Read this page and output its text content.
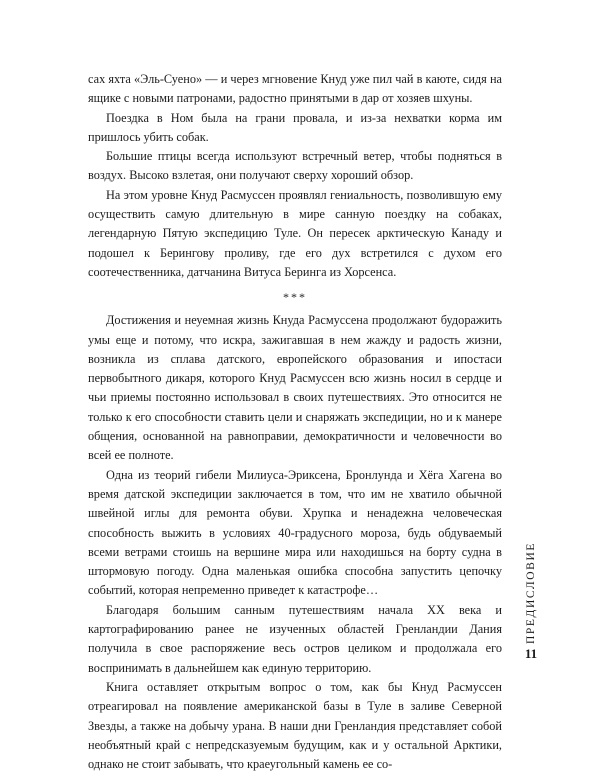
сах яхта «Эль-Суено» — и через мгновение Кнуд уже пил чай в каюте, сидя на ящике с новыми патронами, радостно принятыми в дар от хозяев шхуны.

Поездка в Ном была на грани провала, и из-за нехватки корма им пришлось убить собак.

Большие птицы всегда используют встречный ветер, чтобы подняться в воздух. Высоко взлетая, они получают сверху хороший обзор.

На этом уровне Кнуд Расмуссен проявлял гениальность, позволившую ему осуществить самую длительную в мире санную поездку на собаках, легендарную Пятую экспедицию Туле. Он пересек арктическую Канаду и подошел к Берингову проливу, где его дух встретился с духом его соотечественника, датчанина Витуса Беринга из Хорсенса.

***

Достижения и неуемная жизнь Кнуда Расмуссена продолжают будоражить умы еще и потому, что искра, зажигавшая в нем жажду и радость жизни, возникла из сплава датского, европейского образования и ипостаси первобытного дикаря, которого Кнуд Расмуссен всю жизнь носил в сердце и чьи приемы постоянно использовал в своих путешествиях. Это относится не только к его способности ставить цели и снаряжать экспедиции, но и к манере общения, основанной на равноправии, демократичности и человечности во всей ее полноте.

Одна из теорий гибели Милиуса-Эриксена, Бронлунда и Хёга Хагена во время датской экспедиции заключается в том, что им не хватило обычной швейной иглы для ремонта обуви. Хрупка и ненадежна человеческая способность выжить в условиях 40-градусного мороза, будь обдуваемый всеми ветрами стоишь на вершине мира или находишься на борту судна в штормовую погоду. Одна маленькая ошибка способна запустить цепочку событий, которая непременно приведет к катастрофе…

Благодаря большим санным путешествиям начала XX века и картографированию ранее не изученных областей Гренландии Дания получила в свое распоряжение весь остров целиком и продолжала его воспринимать в дальнейшем как единую территорию.

Книга оставляет открытым вопрос о том, как бы Кнуд Расмуссен отреагировал на появление американской базы в Туле в заливе Северной Звезды, а также на добычу урана. В наши дни Гренландия представляет собой необъятный край с непредсказуемым будущим, как и у остальной Арктики, однако не стоит забывать, что краеугольный камень ее со-

ПРЕДИСЛОВИЕ
11
